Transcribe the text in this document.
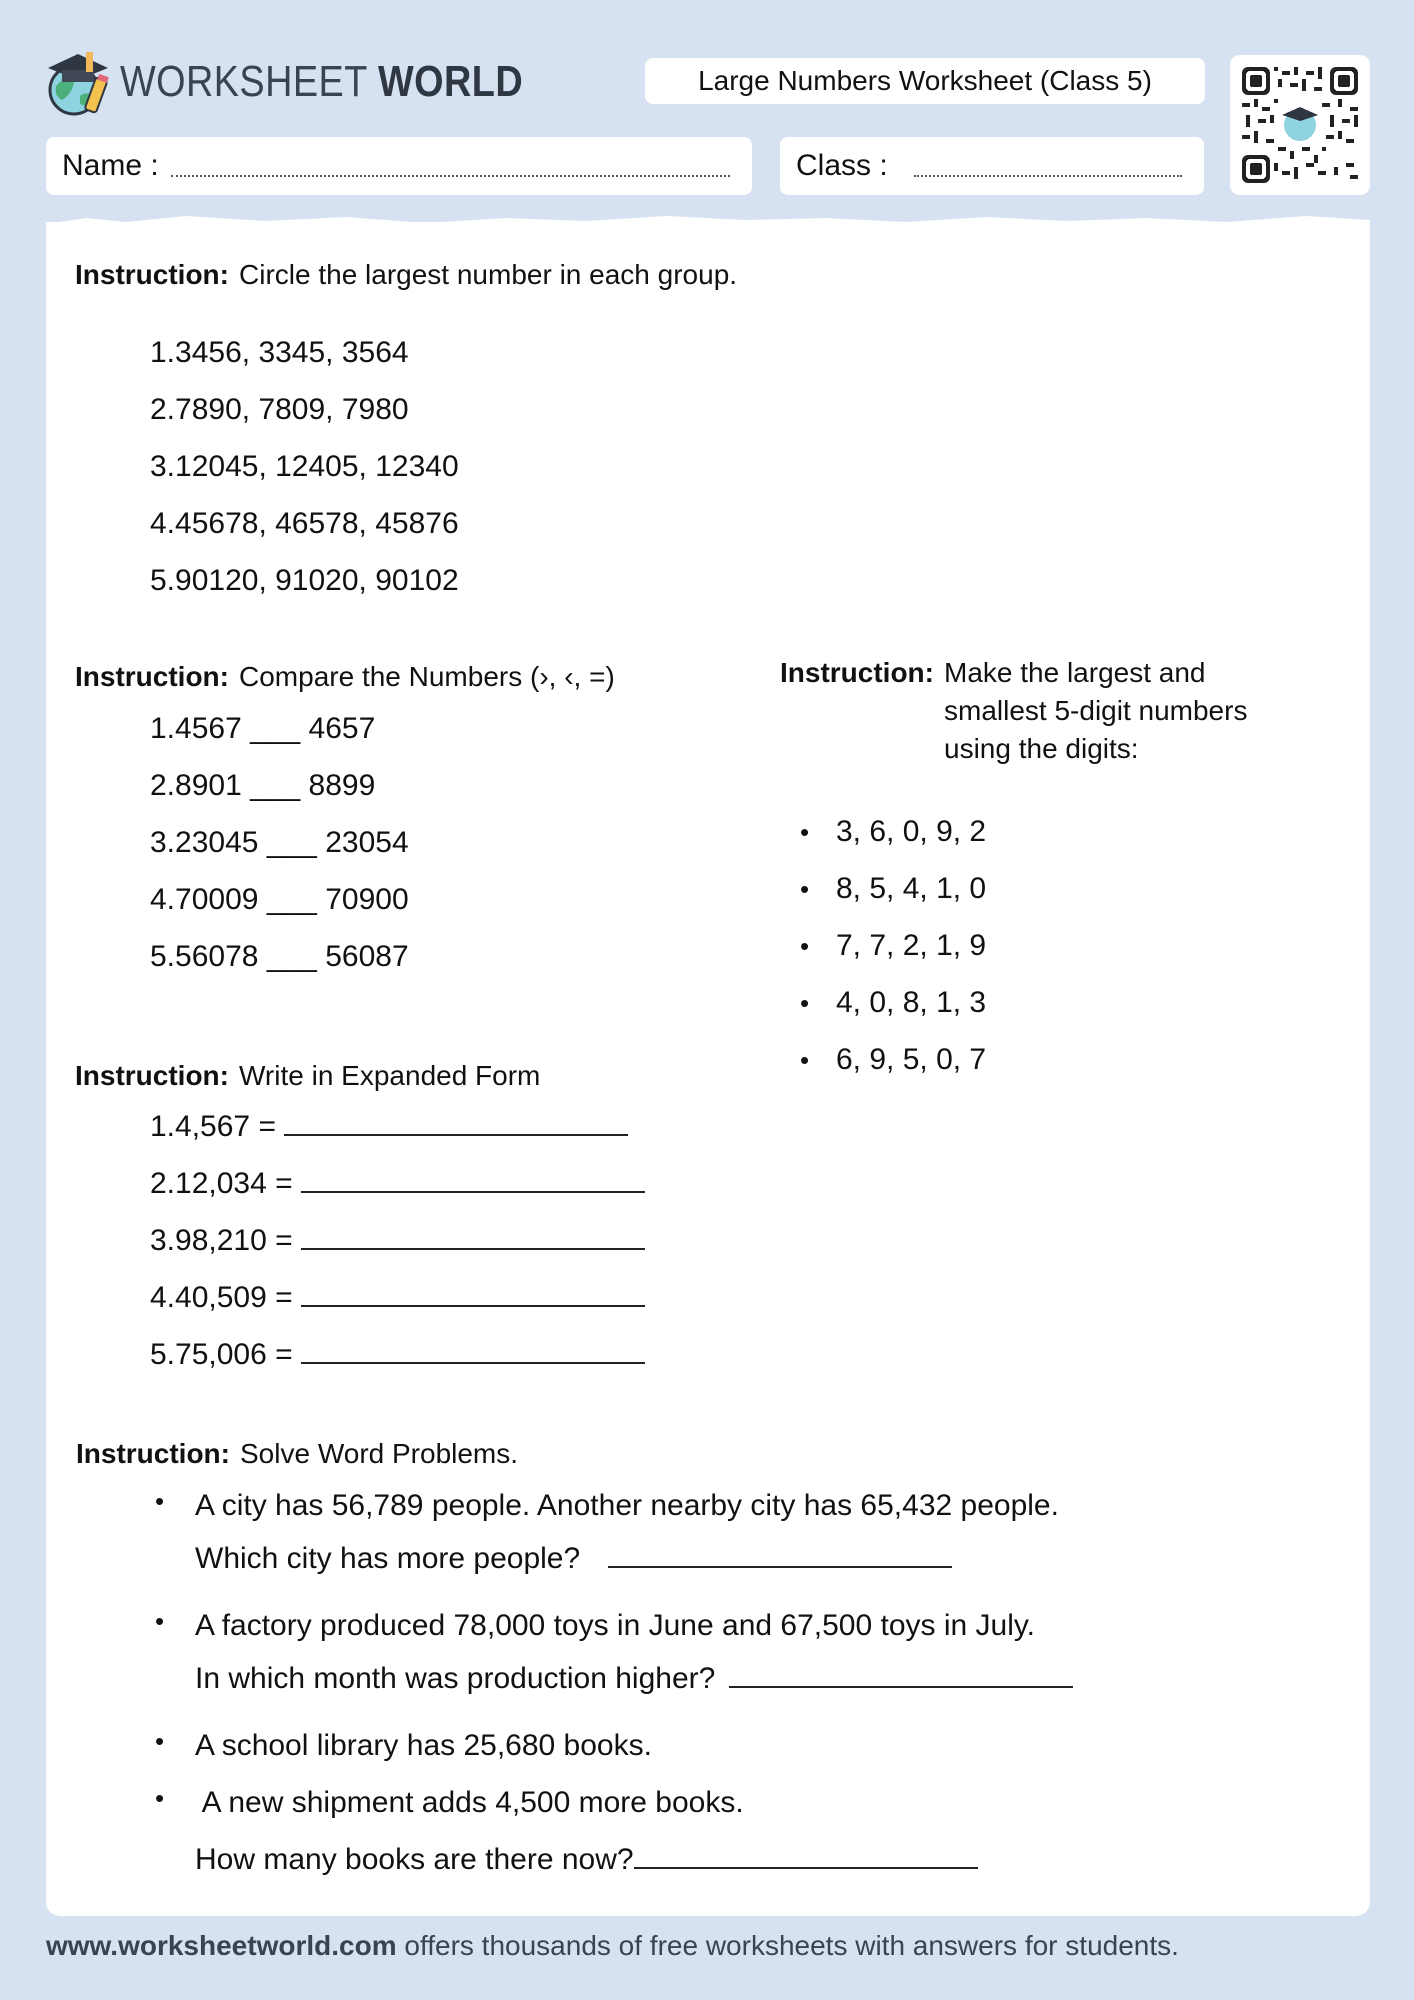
WORKSHEET WORLD	Large Numbers Worksheet (Class 5)
Name :	Class :
Instruction: Circle the largest number in each group.
1.3456, 3345, 3564
2.7890, 7809, 7980
3.12045, 12405, 12340
4.45678, 46578, 45876
5.90120, 91020, 90102
Instruction: Compare the Numbers (›, ‹, =)
1.4567 ___ 4657
2.8901 ___ 8899
3.23045 ___ 23054
4.70009 ___ 70900
5.56078 ___ 56087
Instruction: Make the largest and
smallest 5-digit numbers
using the digits:
• 3, 6, 0, 9, 2
• 8, 5, 4, 1, 0
• 7, 7, 2, 1, 9
• 4, 0, 8, 1, 3
• 6, 9, 5, 0, 7
Instruction: Write in Expanded Form
1.4,567 =
2.12,034 =
3.98,210 =
4.40,509 =
5.75,006 =
Instruction: Solve Word Problems.
• A city has 56,789 people. Another nearby city has 65,432 people.
Which city has more people?
• A factory produced 78,000 toys in June and 67,500 toys in July.
In which month was production higher?
• A school library has 25,680 books.
• A new shipment adds 4,500 more books.
How many books are there now?
www.worksheetworld.com offers thousands of free worksheets with answers for students.
